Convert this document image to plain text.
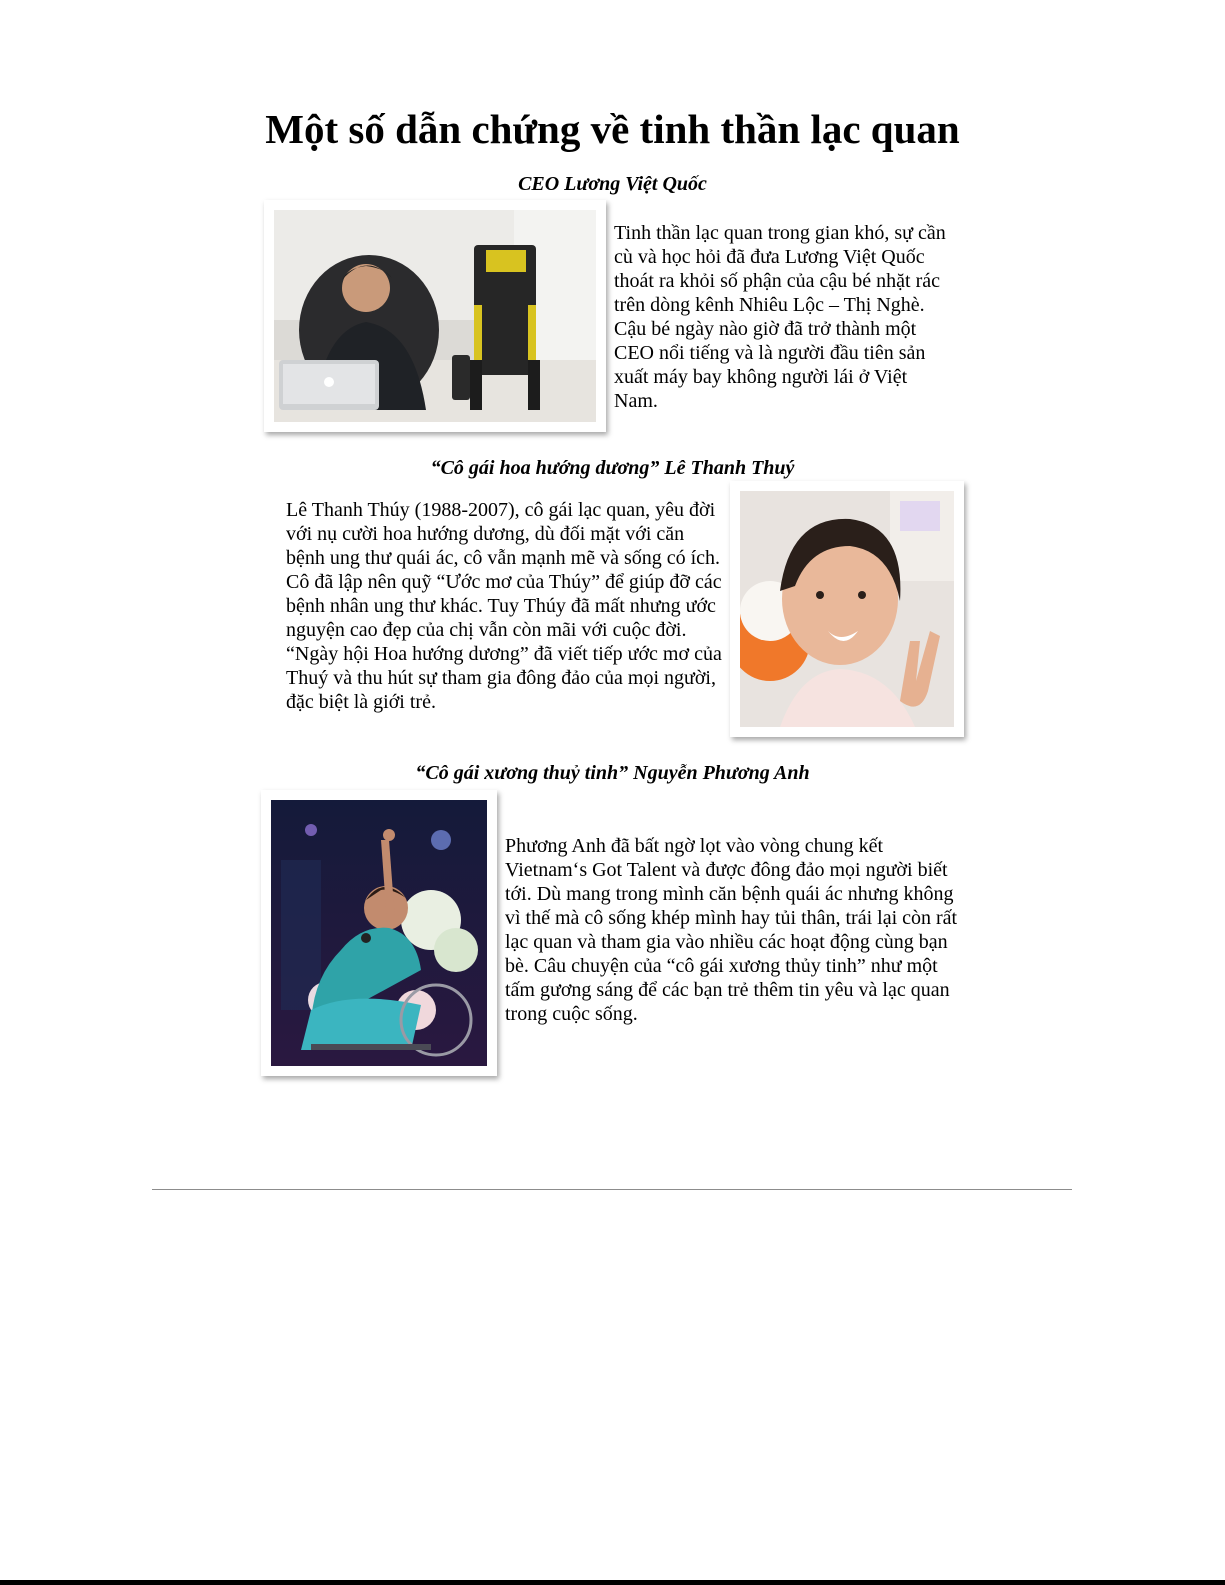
Một số dẫn chứng về tinh thần lạc quan
CEO Lương Việt Quốc

Tinh thần lạc quan trong gian khó, sự cần cù và học hỏi đã đưa Lương Việt Quốc thoát ra khỏi số phận của cậu bé nhặt rác trên dòng kênh Nhiêu Lộc – Thị Nghè. Cậu bé ngày nào giờ đã trở thành một CEO nổi tiếng và là người đầu tiên sản xuất máy bay không người lái ở Việt Nam.

“Cô gái hoa hướng dương” Lê Thanh Thuý

Lê Thanh Thúy (1988-2007), cô gái lạc quan, yêu đời với nụ cười hoa hướng dương, dù đối mặt với căn bệnh ung thư quái ác, cô vẫn mạnh mẽ và sống có ích. Cô đã lập nên quỹ “Ước mơ của Thúy” để giúp đỡ các bệnh nhân ung thư khác. Tuy Thúy đã mất nhưng ước nguyện cao đẹp của chị vẫn còn mãi với cuộc đời. “Ngày hội Hoa hướng dương” đã viết tiếp ước mơ của Thuý và thu hút sự tham gia đông đảo của mọi người, đặc biệt là giới trẻ.

“Cô gái xương thuỷ tinh” Nguyễn Phương Anh

Phương Anh đã bất ngờ lọt vào vòng chung kết Vietnam‘s Got Talent và được đông đảo mọi người biết tới. Dù mang trong mình căn bệnh quái ác nhưng không vì thế mà cô sống khép mình hay tủi thân, trái lại còn rất lạc quan và tham gia vào nhiều các hoạt động cùng bạn bè. Câu chuyện của “cô gái xương thủy tinh” như một tấm gương sáng để các bạn trẻ thêm tin yêu và lạc quan trong cuộc sống.
